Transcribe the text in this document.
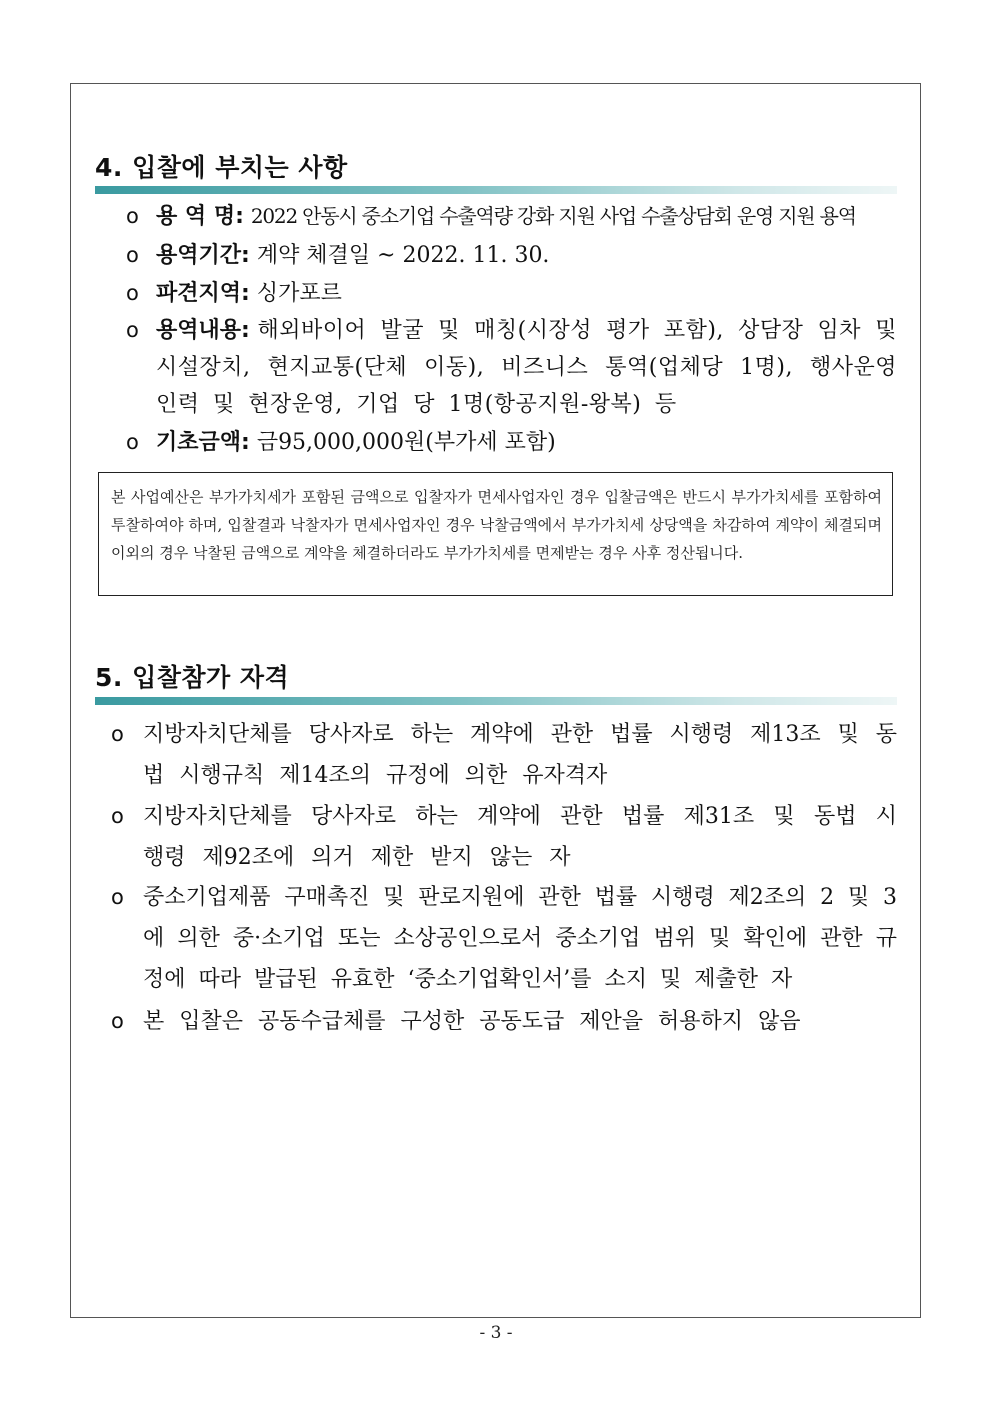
4. 입찰에 부치는 사항
o 용 역 명: 2022 안동시 중소기업 수출역량 강화 지원 사업 수출상담회 운영 지원 용역
o 용역기간: 계약 체결일 ~ 2022. 11. 30.
o 파견지역: 싱가포르
o 용역내용: 해외바이어 발굴 및 매칭(시장성 평가 포함), 상담장 임차 및 시설장치, 현지교통(단체 이동), 비즈니스 통역(업체당 1명), 행사운영인력 및 현장운영, 기업 당 1명(항공지원-왕복) 등
o 기초금액: 금95,000,000원(부가세 포함)
본 사업예산은 부가가치세가 포함된 금액으로 입찰자가 면세사업자인 경우 입찰금액은 반드시 부가가치세를 포함하여 투찰하여야 하며, 입찰결과 낙찰자가 면세사업자인 경우 낙찰금액에서 부가가치세 상당액을 차감하여 계약이 체결되며 이외의 경우 낙찰된 금액으로 계약을 체결하더라도 부가가치세를 면제받는 경우 사후 정산됩니다.
5. 입찰참가 자격
o 지방자치단체를 당사자로 하는 계약에 관한 법률 시행령 제13조 및 동법 시행규칙 제14조의 규정에 의한 유자격자
o 지방자치단체를 당사자로 하는 계약에 관한 법률 제31조 및 동법 시행령 제92조에 의거 제한 받지 않는 자
o 중소기업제품 구매촉진 및 판로지원에 관한 법률 시행령 제2조의 2 및 3에 의한 중·소기업 또는 소상공인으로서 중소기업 범위 및 확인에 관한 규정에 따라 발급된 유효한 ‘중소기업확인서’를 소지 및 제출한 자
o 본 입찰은 공동수급체를 구성한 공동도급 제안을 허용하지 않음
- 3 -
